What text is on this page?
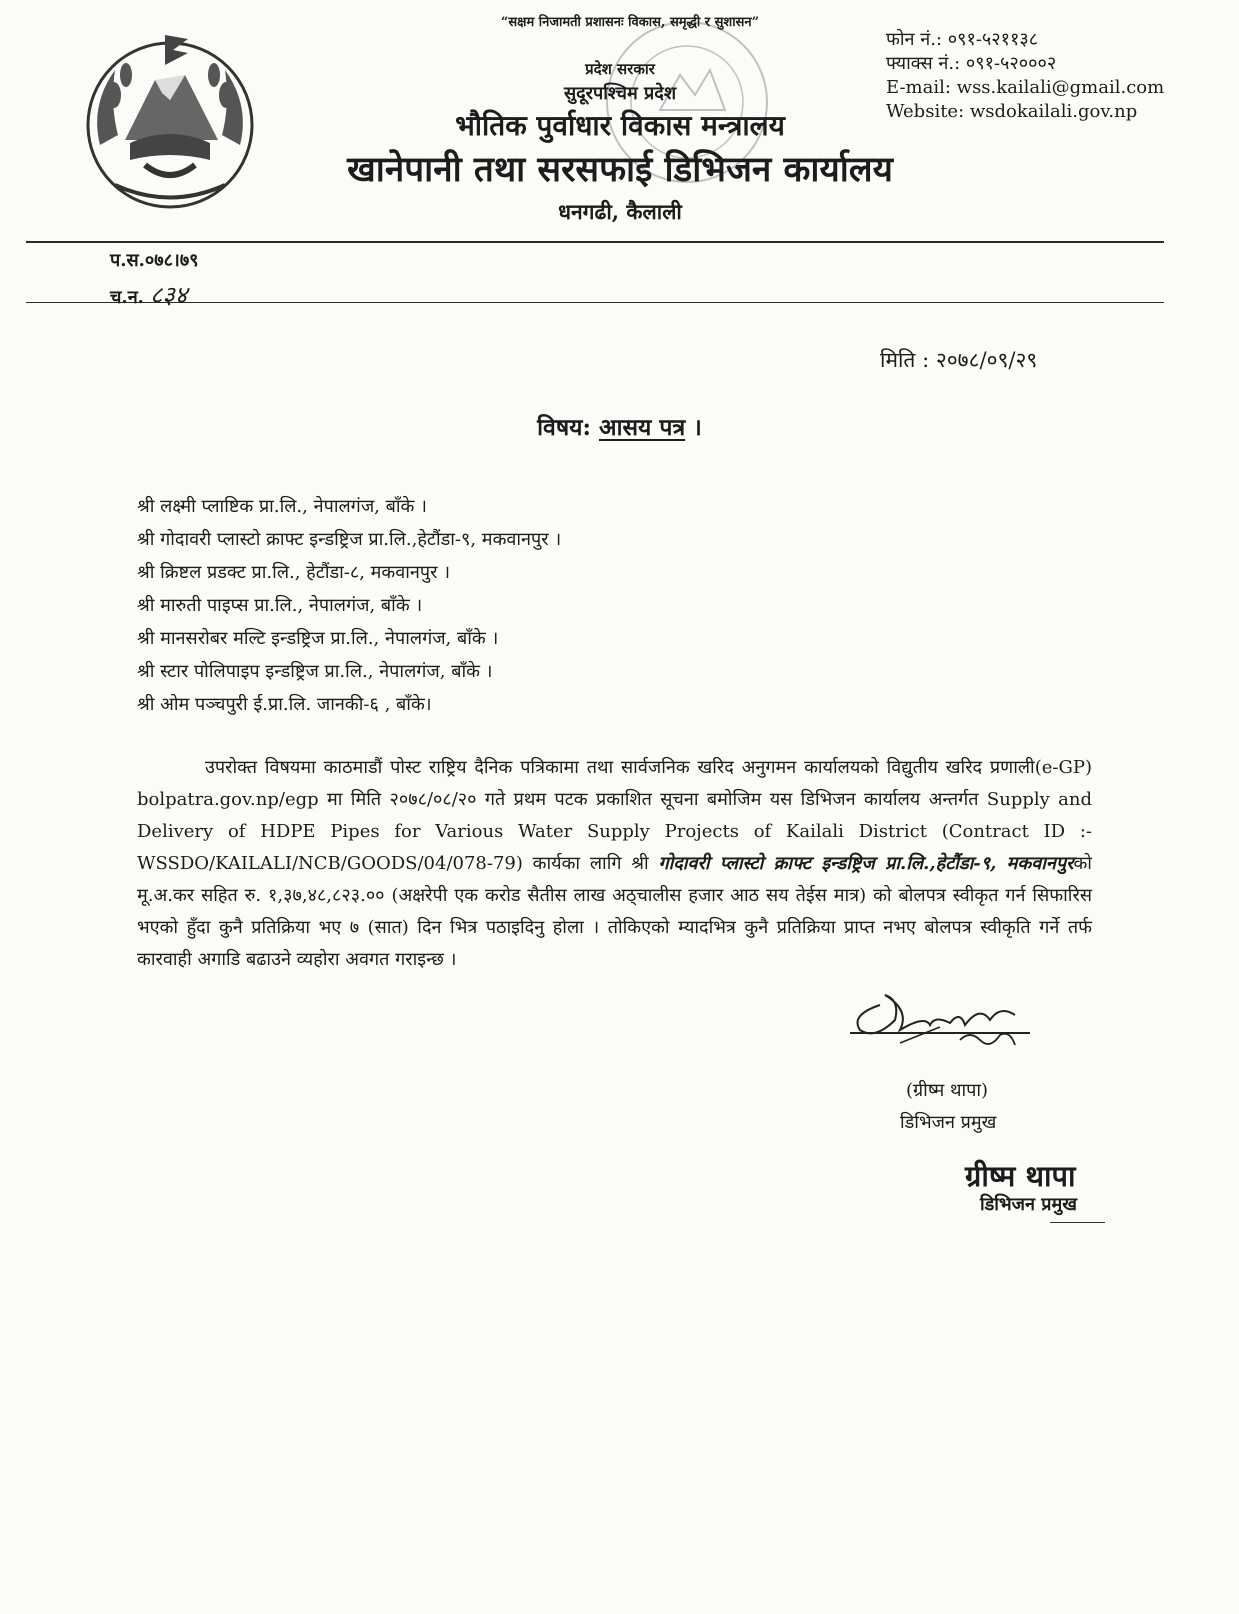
“सक्षम निजामती प्रशासनः विकास, समृद्धी र सुशासन”
प्रदेश सरकार
सुदूरपश्चिम प्रदेश
भौतिक पुर्वाधार विकास मन्त्रालय
खानेपानी तथा सरसफाई डिभिजन कार्यालय
धनगढी, कैलाली
फोन नं.: ०९१-५२११३८
फ्याक्स नं.: ०९१-५२०००२
E-mail: wss.kailali@gmail.com
Website: wsdokailali.gov.np
प.स.०७८।७९
च.न. ८३४
मिति : २०७८/०९/२९
विषय: आसय पत्र ।
श्री लक्ष्मी प्लाष्टिक प्रा.लि., नेपालगंज, बाँके ।
श्री गोदावरी प्लास्टो क्राफ्ट इन्डष्ट्रिज प्रा.लि.,हेटौंडा-९, मकवानपुर ।
श्री क्रिष्टल प्रडक्ट प्रा.लि., हेटौंडा-८, मकवानपुर ।
श्री मारुती पाइप्स प्रा.लि., नेपालगंज, बाँके ।
श्री मानसरोबर मल्टि इन्डष्ट्रिज प्रा.लि., नेपालगंज, बाँके ।
श्री स्टार पोलिपाइप इन्डष्ट्रिज प्रा.लि., नेपालगंज, बाँके ।
श्री ओम पञ्चपुरी ई.प्रा.लि. जानकी-६ , बाँके।
उपरोक्त विषयमा काठमाडौं पोस्ट राष्ट्रिय दैनिक पत्रिकामा तथा सार्वजनिक खरिद अनुगमन कार्यालयको विद्युतीय खरिद प्रणाली(e-GP) bolpatra.gov.np/egp मा मिति २०७८/०८/२० गते प्रथम पटक प्रकाशित सूचना बमोजिम यस डिभिजन कार्यालय अन्तर्गत Supply and Delivery of HDPE Pipes for Various Water Supply Projects of Kailali District (Contract ID :- WSSDO/KAILALI/NCB/GOODS/04/078-79) कार्यका लागि श्री गोदावरी प्लास्टो क्राफ्ट इन्डष्ट्रिज प्रा.लि.,हेटौंडा-९, मकवानपुरको मू.अ.कर सहित रु. १,३७,४८,८२३.०० (अक्षरेपी एक करोड सैतीस लाख अठ्चालीस हजार आठ सय तेईस मात्र) को बोलपत्र स्वीकृत गर्न सिफारिस भएको हुँदा कुनै प्रतिक्रिया भए ७ (सात) दिन भित्र पठाइदिनु होला । तोकिएको म्यादभित्र कुनै प्रतिक्रिया प्राप्त नभए बोलपत्र स्वीकृति गर्ने तर्फ कारवाही अगाडि बढाउने व्यहोरा अवगत गराइन्छ ।
(ग्रीष्म थापा)
डिभिजन प्रमुख
ग्रीष्म थापा
डिभिजन प्रमुख
